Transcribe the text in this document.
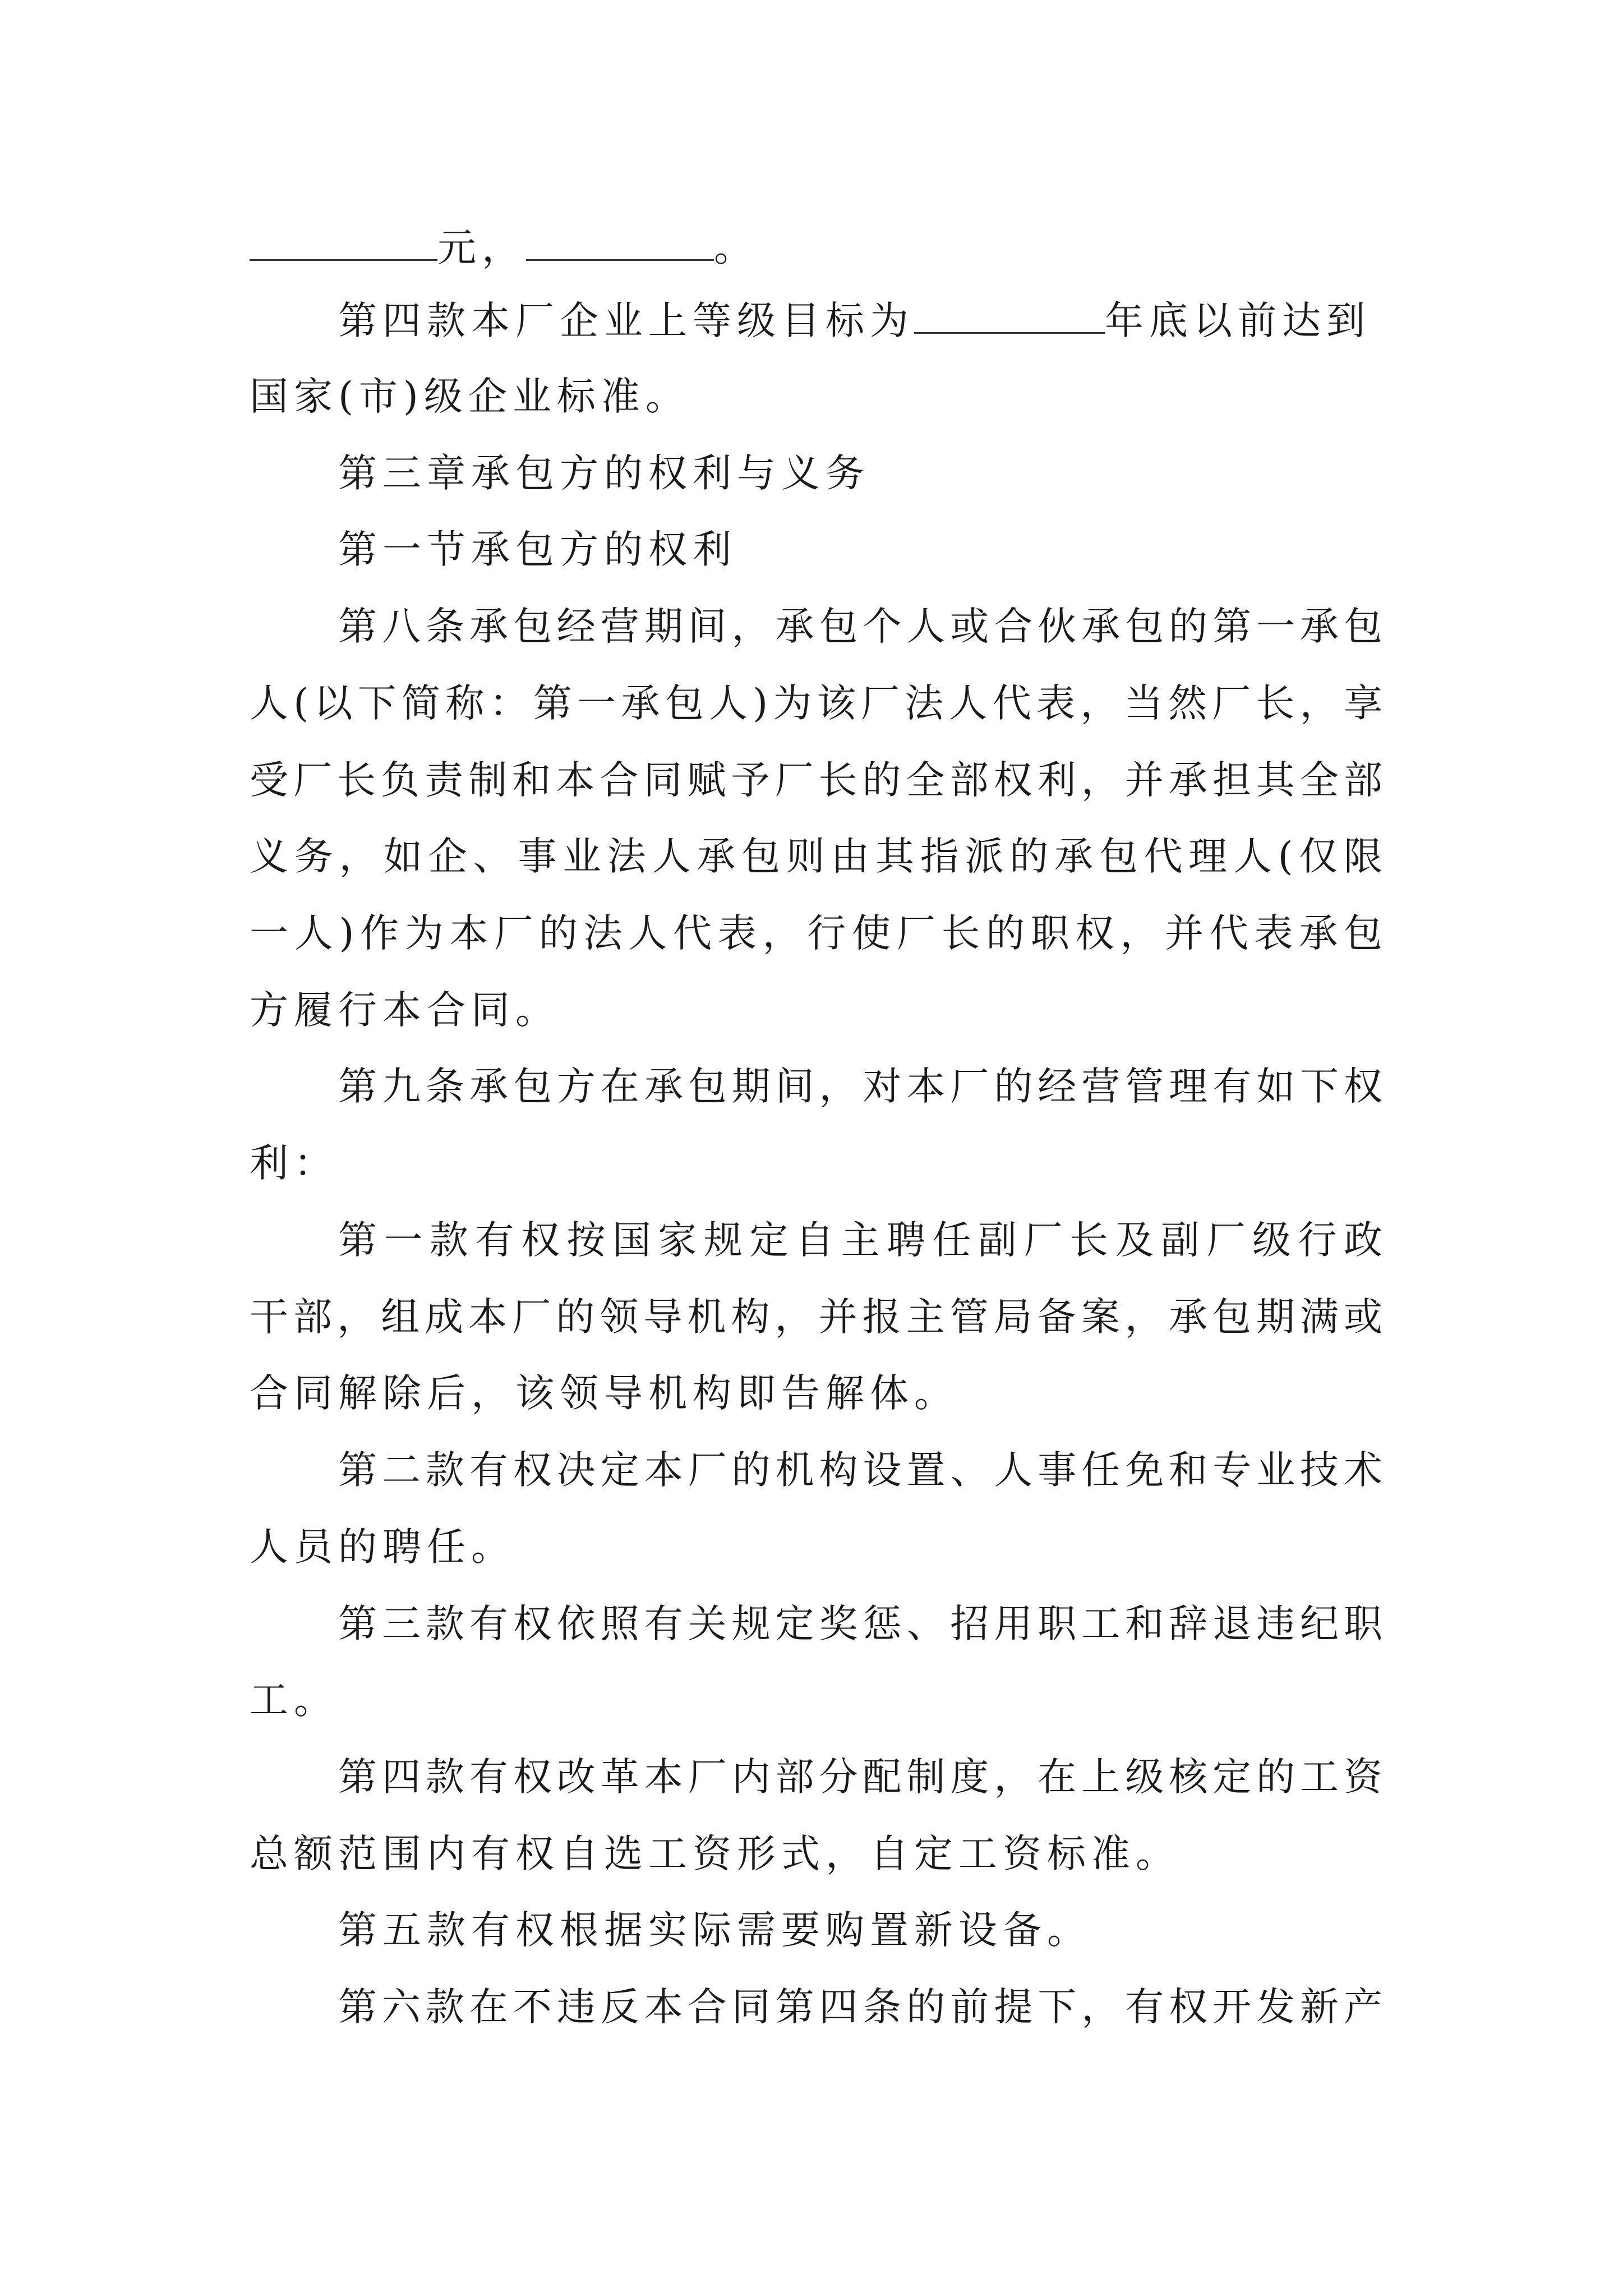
元，	。
第四款本厂企业上等级目标为	年底以前达到
国家(市)级企业标准。
第三章承包方的权利与义务
第一节承包方的权利
第八条承包经营期间，承包个人或合伙承包的第一承包
人(以下简称：第一承包人)为该厂法人代表，当然厂长，享
受厂长负责制和本合同赋予厂长的全部权利，并承担其全部
义务，如企、事业法人承包则由其指派的承包代理人(仅限
一人)作为本厂的法人代表，行使厂长的职权，并代表承包
方履行本合同。
第九条承包方在承包期间，对本厂的经营管理有如下权
利：
第一款有权按国家规定自主聘任副厂长及副厂级行政
干部，组成本厂的领导机构，并报主管局备案，承包期满或
合同解除后，该领导机构即告解体。
第二款有权决定本厂的机构设置、人事任免和专业技术
人员的聘任。
第三款有权依照有关规定奖惩、招用职工和辞退违纪职
工。
第四款有权改革本厂内部分配制度，在上级核定的工资
总额范围内有权自选工资形式，自定工资标准。
第五款有权根据实际需要购置新设备。
第六款在不违反本合同第四条的前提下，有权开发新产
